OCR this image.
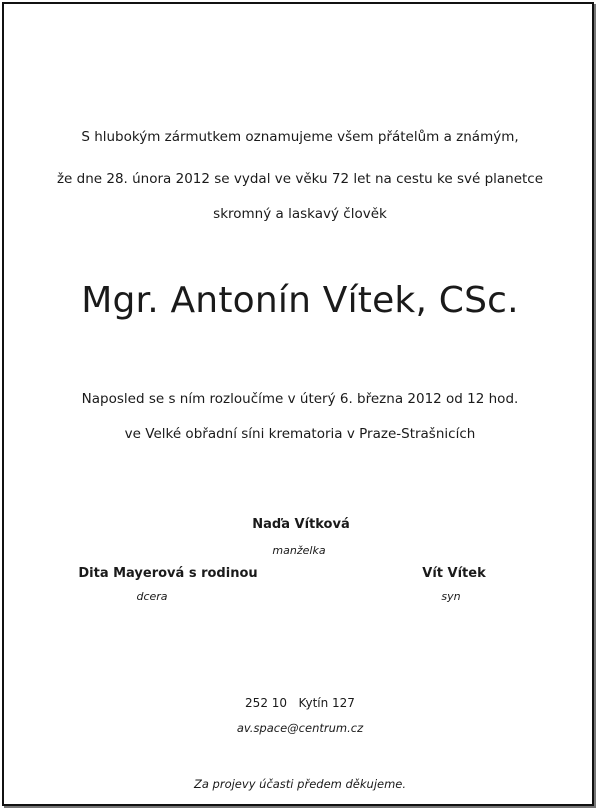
S hlubokým zármutkem oznamujeme všem přátelům a známým,
že dne 28. února 2012 se vydal ve věku 72 let na cestu ke své planetce
skromný a laskavý člověk
Mgr. Antonín Vítek, CSc.
Naposled se s ním rozloučíme v úterý 6. března 2012 od 12 hod.
ve Velké obřadní síni krematoria v Praze-Strašnicích
Naďa Vítková
manželka
Dita Mayerová s rodinou
dcera
Vít Vítek
syn
252 10   Kytín 127
av.space@centrum.cz
Za projevy účasti předem děkujeme.
